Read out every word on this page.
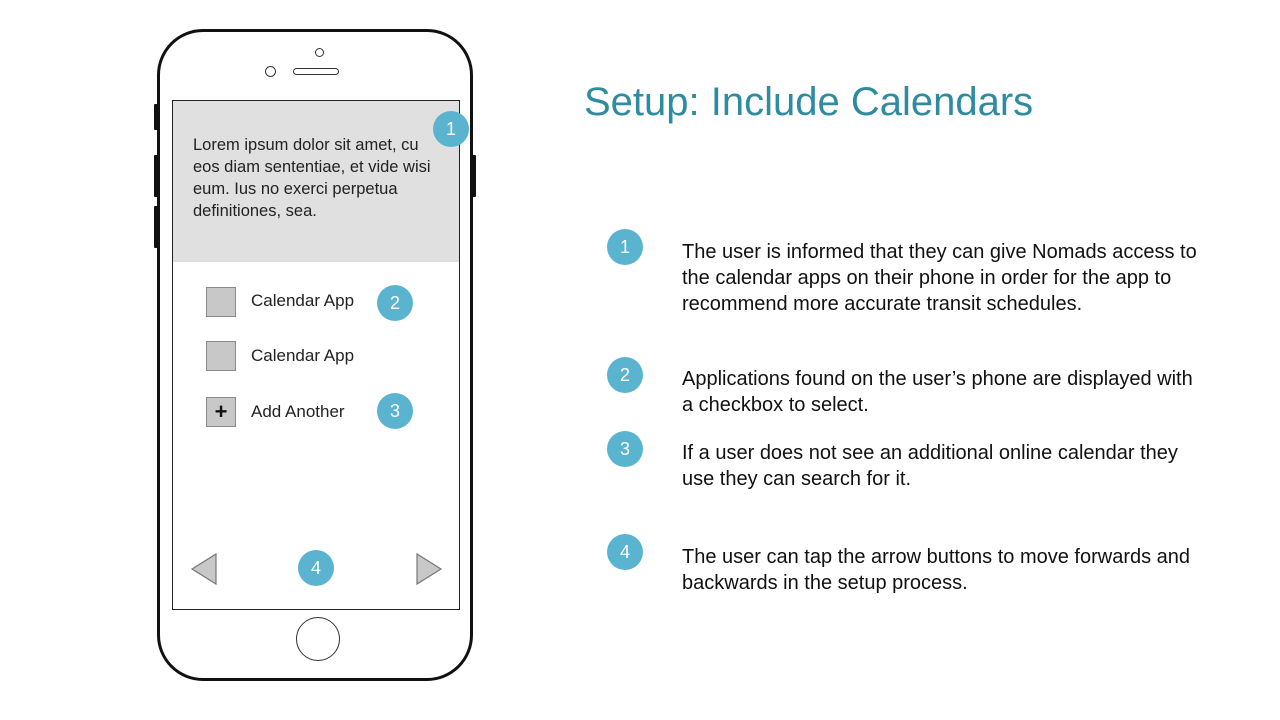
Lorem ipsum dolor sit amet, cu eos diam sententiae, et vide wisi eum. Ius no exerci perpetua definitiones, sea.
Calendar App
Calendar App
+	Add Another
1
2
3
4
Setup: Include Calendars
1	The user is informed that they can give Nomads access to the calendar apps on their phone in order for the app to recommend more accurate transit schedules.
2	Applications found on the user’s phone are displayed with a checkbox to select.
3	If a user does not see an additional online calendar they use they can search for it.
4	The user can tap the arrow buttons to move forwards and backwards in the setup process.
